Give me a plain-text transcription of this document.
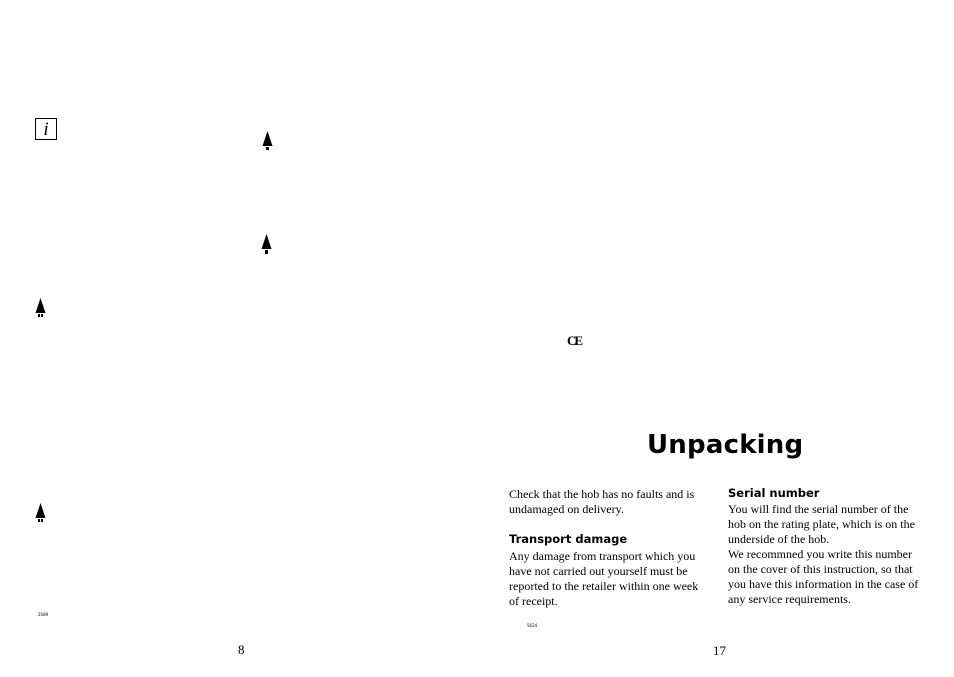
i
2089
8
CE
Unpacking
Check that the hob has no faults and is undamaged on delivery.
Transport damage
Any damage from transport which you have not carried out yourself must be reported to the retailer within one week of receipt.
Serial number
You will find the serial number of the hob on the rating plate, which is on the underside of the hob.
We recommned you write this number on the cover of this instruction, so that you have this information in the case of any service requirements.
5624
17
